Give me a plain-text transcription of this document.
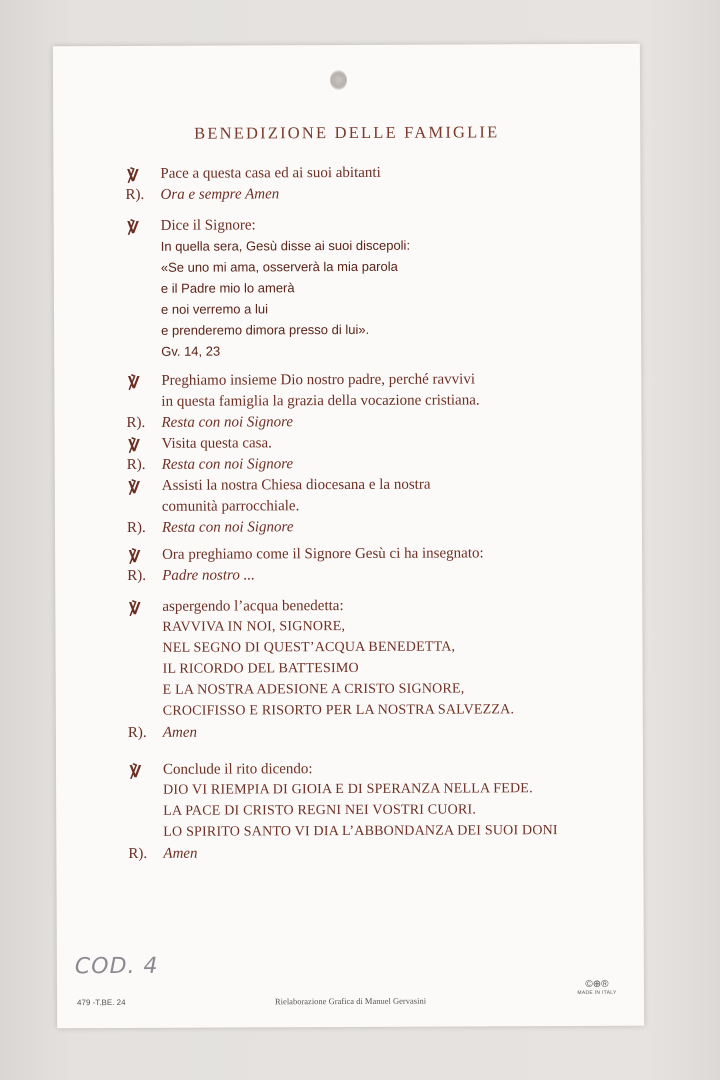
BENEDIZIONE DELLE FAMIGLIE
℣ Pace a questa casa ed ai suoi abitanti
R). Ora e sempre Amen
℣ Dice il Signore:
In quella sera, Gesù disse ai suoi discepoli:
«Se uno mi ama, osserverà la mia parola
e il Padre mio lo amerà
e noi verremo a lui
e prenderemo dimora presso di lui».
Gv. 14, 23
℣ Preghiamo insieme Dio nostro padre, perché ravvivi
in questa famiglia la grazia della vocazione cristiana.
R). Resta con noi Signore
℣ Visita questa casa.
R). Resta con noi Signore
℣ Assisti la nostra Chiesa diocesana e la nostra
comunità parrocchiale.
R). Resta con noi Signore
℣ Ora preghiamo come il Signore Gesù ci ha insegnato:
R). Padre nostro ...
℣ aspergendo l’acqua benedetta:
RAVVIVA IN NOI, SIGNORE,
NEL SEGNO DI QUEST’ACQUA BENEDETTA,
IL RICORDO DEL BATTESIMO
E LA NOSTRA ADESIONE A CRISTO SIGNORE,
CROCIFISSO E RISORTO PER LA NOSTRA SALVEZZA.
R). Amen
℣ Conclude il rito dicendo:
DIO VI RIEMPIA DI GIOIA E DI SPERANZA NELLA FEDE.
LA PACE DI CRISTO REGNI NEI VOSTRI CUORI.
LO SPIRITO SANTO VI DIA L’ABBONDANZA DEI SUOI DONI
R). Amen
COD. 4
479 -T.BE. 24	Rielaborazione Grafica di Manuel Gervasini
©⊕®
MADE IN ITALY
